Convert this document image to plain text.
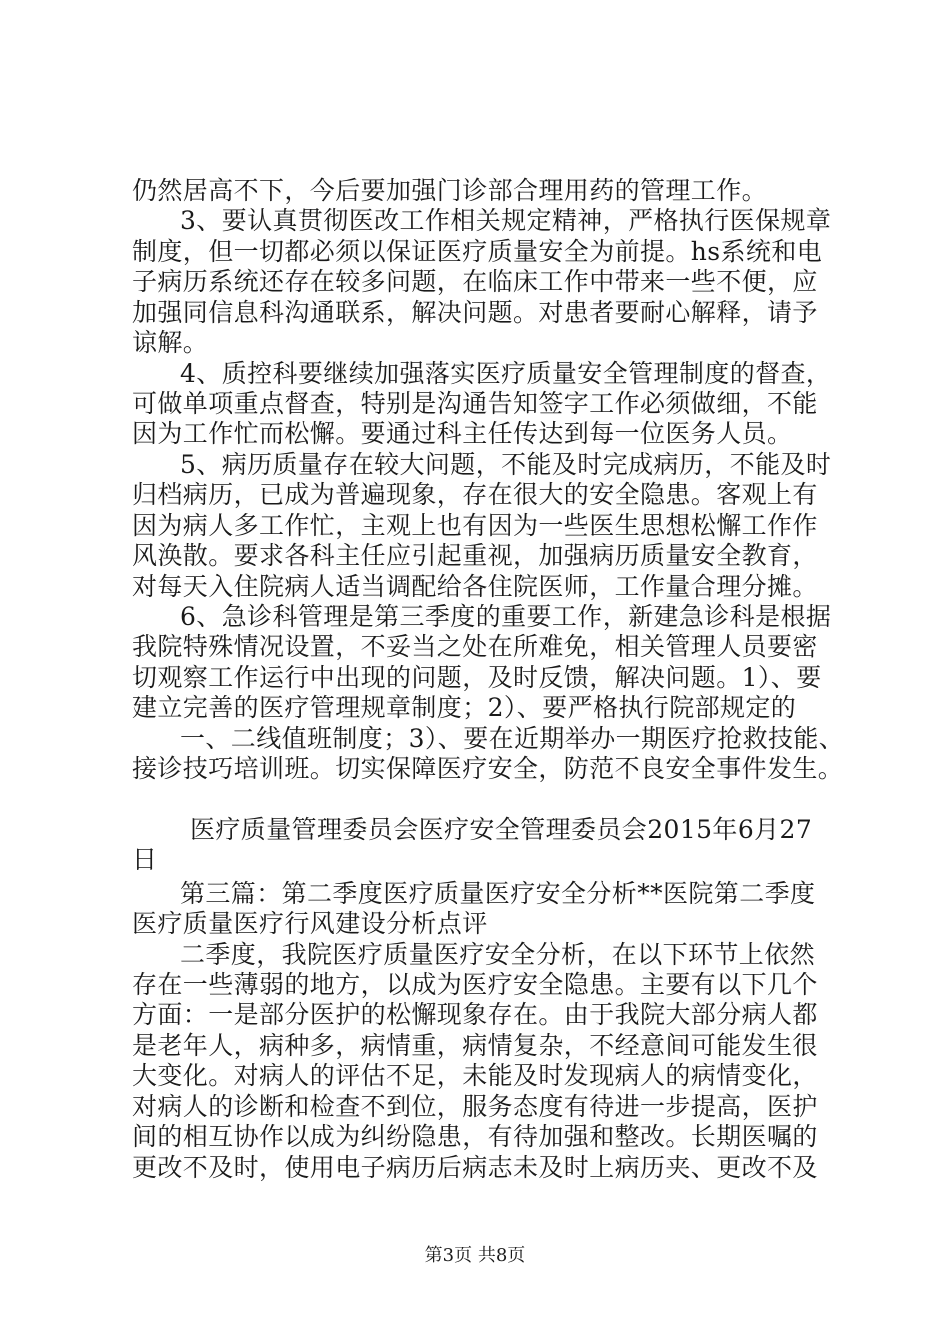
仍然居高不下，今后要加强门诊部合理用药的管理工作。
3、要认真贯彻医改工作相关规定精神，严格执行医保规章
制度，但一切都必须以保证医疗质量安全为前提。hs系统和电
子病历系统还存在较多问题，在临床工作中带来一些不便，应
加强同信息科沟通联系，解决问题。对患者要耐心解释，请予
谅解。
4、质控科要继续加强落实医疗质量安全管理制度的督查，
可做单项重点督查，特别是沟通告知签字工作必须做细，不能
因为工作忙而松懈。要通过科主任传达到每一位医务人员。
5、病历质量存在较大问题，不能及时完成病历，不能及时
归档病历，已成为普遍现象，存在很大的安全隐患。客观上有
因为病人多工作忙，主观上也有因为一些医生思想松懈工作作
风涣散。要求各科主任应引起重视，加强病历质量安全教育，
对每天入住院病人适当调配给各住院医师，工作量合理分摊。
6、急诊科管理是第三季度的重要工作，新建急诊科是根据
我院特殊情况设置，不妥当之处在所难免，相关管理人员要密
切观察工作运行中出现的问题，及时反馈，解决问题。1）、要
建立完善的医疗管理规章制度；2）、要严格执行院部规定的
一、二线值班制度；3）、要在近期举办一期医疗抢救技能、
接诊技巧培训班。切实保障医疗安全，防范不良安全事件发生。
医疗质量管理委员会医疗安全管理委员会2015年6月27
日
第三篇：第二季度医疗质量医疗安全分析**医院第二季度
医疗质量医疗行风建设分析点评
二季度，我院医疗质量医疗安全分析，在以下环节上依然
存在一些薄弱的地方，以成为医疗安全隐患。主要有以下几个
方面：一是部分医护的松懈现象存在。由于我院大部分病人都
是老年人，病种多，病情重，病情复杂，不经意间可能发生很
大变化。对病人的评估不足，未能及时发现病人的病情变化，
对病人的诊断和检查不到位，服务态度有待进一步提高，医护
间的相互协作以成为纠纷隐患，有待加强和整改。长期医嘱的
更改不及时，使用电子病历后病志未及时上病历夹、更改不及
第3页 共8页
